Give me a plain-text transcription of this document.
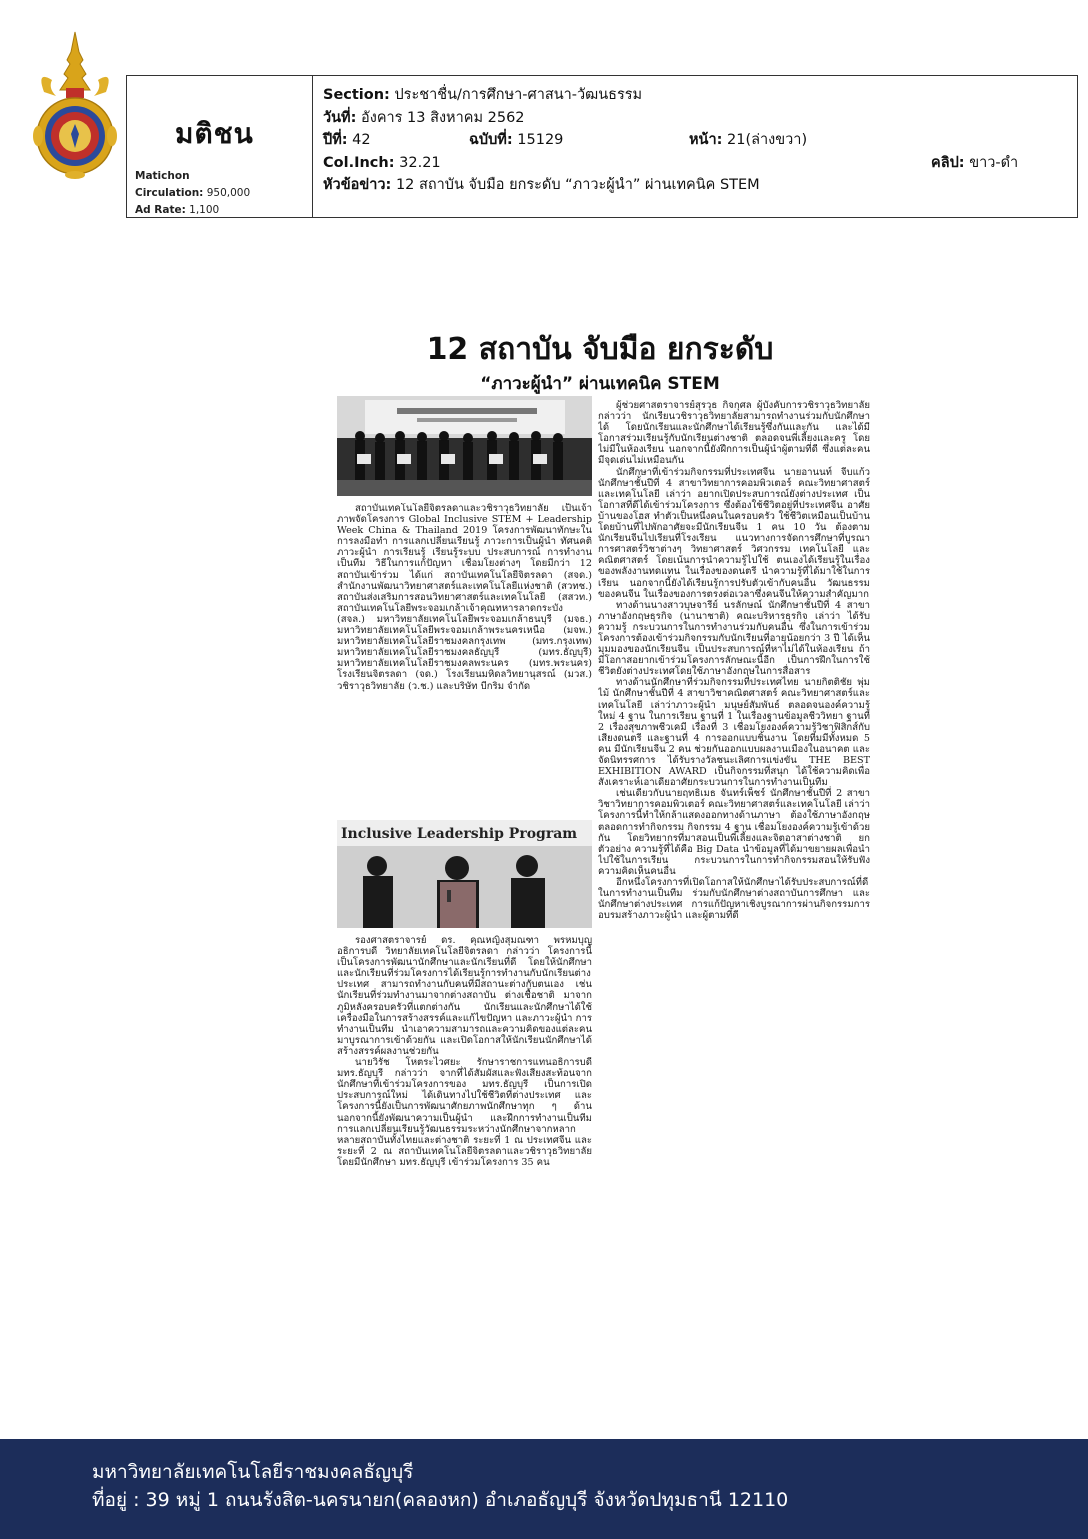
มติชน
Matichon
Circulation: 950,000
Ad Rate: 1,100
Section: ประชาชื่น/การศึกษา-ศาสนา-วัฒนธรรม
วันที่: อังคาร 13 สิงหาคม 2562
ปีที่: 42	ฉบับที่: 15129	หน้า: 21(ล่างขวา)
Col.Inch: 32.21	คลิป: ขาว-ดำ
หัวข้อข่าว: 12 สถาบัน จับมือ ยกระดับ “ภาวะผู้นำ” ผ่านเทคนิค STEM
12 สถาบัน จับมือ ยกระดับ
“ภาวะผู้นำ” ผ่านเทคนิค STEM

สถาบันเทคโนโลยีจิตรลดาและวชิราวุธวิทยาลัย เป็นเจ้าภาพจัดโครงการ Global Inclusive STEM + Leadership Week China & Thailand 2019 โครงการพัฒนาทักษะในการลงมือทำ การแลกเปลี่ยนเรียนรู้ ภาวะการเป็นผู้นำ ทัศนคติ ภาวะผู้นำ การเรียนรู้ เรียนรู้ระบบ ประสบการณ์ การทำงานเป็นทีม วิธีในการแก้ปัญหา เชื่อมโยงต่างๆ โดยมีกว่า 12 สถาบันเข้าร่วม ได้แก่ สถาบันเทคโนโลยีจิตรลดา (สจด.) สำนักงานพัฒนาวิทยาศาสตร์และเทคโนโลยีแห่งชาติ (สวทช.) สถาบันส่งเสริมการสอนวิทยาศาสตร์และเทคโนโลยี (สสวท.) สถาบันเทคโนโลยีพระจอมเกล้าเจ้าคุณทหารลาดกระบัง (สจล.) มหาวิทยาลัยเทคโนโลยีพระจอมเกล้าธนบุรี (มจธ.) มหาวิทยาลัยเทคโนโลยีพระจอมเกล้าพระนครเหนือ (มจพ.) มหาวิทยาลัยเทคโนโลยีราชมงคลกรุงเทพ (มทร.กรุงเทพ) มหาวิทยาลัยเทคโนโลยีราชมงคลธัญบุรี (มทร.ธัญบุรี) มหาวิทยาลัยเทคโนโลยีราชมงคลพระนคร (มทร.พระนคร) โรงเรียนจิตรลดา (จด.) โรงเรียนมหิดลวิทยานุสรณ์ (มวส.) วชิราวุธวิทยาลัย (ว.ช.) และบริษัท บีกริม จำกัด

Inclusive Leadership Program

รองศาสตราจารย์ ดร. คุณหญิงสุมณฑา พรหมบุญ อธิการบดี วิทยาลัยเทคโนโลยีจิตรลดา กล่าวว่า โครงการนี้เป็นโครงการพัฒนานักศึกษาและนักเรียนที่ดี โดยให้นักศึกษาและนักเรียนที่ร่วมโครงการได้เรียนรู้การทำงานกับนักเรียนต่างประเทศ สามารถทำงานกับคนที่มีสถานะต่างกับตนเอง เช่น นักเรียนที่ร่วมทำงานมาจากต่างสถาบัน ต่างเชื้อชาติ มาจากภูมิหลังครอบครัวที่แตกต่างกัน นักเรียนและนักศึกษาได้ใช้เครื่องมือในการสร้างสรรค์และแก้ไขปัญหา และภาวะผู้นำ การทำงานเป็นทีม นำเอาความสามารถและความคิดของแต่ละคนมาบูรณาการเข้าด้วยกัน และเปิดโอกาสให้นักเรียนนักศึกษาได้สร้างสรรค์ผลงานช่วยกัน

นายวิรัช โหตระไวศยะ รักษาราชการแทนอธิการบดี มทร.ธัญบุรี กล่าวว่า จากที่ได้สัมผัสและฟังเสียงสะท้อนจากนักศึกษาที่เข้าร่วมโครงการของ มทร.ธัญบุรี เป็นการเปิดประสบการณ์ใหม่ ได้เดินทางไปใช้ชีวิตที่ต่างประเทศ และโครงการนี้ยังเป็นการพัฒนาศักยภาพนักศึกษาทุก ๆ ด้าน นอกจากนี้ยังพัฒนาความเป็นผู้นำ และฝึกการทำงานเป็นทีม การแลกเปลี่ยนเรียนรู้วัฒนธรรมระหว่างนักศึกษาจากหลากหลายสถาบันทั้งไทยและต่างชาติ ระยะที่ 1 ณ ประเทศจีน และระยะที่ 2 ณ สถาบันเทคโนโลยีจิตรลดาและวชิราวุธวิทยาลัย โดยมีนักศึกษา มทร.ธัญบุรี เข้าร่วมโครงการ 35 คน

ผู้ช่วยศาสตราจารย์สุรวุธ กิจกุศล ผู้บังคับการวชิราวุธวิทยาลัย กล่าวว่า นักเรียนวชิราวุธวิทยาลัยสามารถทำงานร่วมกับนักศึกษาได้ โดยนักเรียนและนักศึกษาได้เรียนรู้ซึ่งกันและกัน และได้มีโอกาสร่วมเรียนรู้กับนักเรียนต่างชาติ ตลอดจนพี่เลี้ยงและครู โดยไม่มีในห้องเรียน นอกจากนี้ยังฝึกการเป็นผู้นำผู้ตามที่ดี ซึ่งแต่ละคนมีจุดเด่นไม่เหมือนกัน

นักศึกษาที่เข้าร่วมกิจกรรมที่ประเทศจีน นายอานนท์ จีบแก้ว นักศึกษาชั้นปีที่ 4 สาขาวิทยาการคอมพิวเตอร์ คณะวิทยาศาสตร์และเทคโนโลยี เล่าว่า อยากเปิดประสบการณ์ยังต่างประเทศ เป็นโอกาสที่ดีได้เข้าร่วมโครงการ ซึ่งต้องใช้ชีวิตอยู่ที่ประเทศจีน อาศัยบ้านของโฮส ทำตัวเป็นหนึ่งคนในครอบครัว ใช้ชีวิตเหมือนเป็นบ้าน โดยบ้านที่ไปพักอาศัยจะมีนักเรียนจีน 1 คน 10 วัน ต้องตามนักเรียนจีนไปเรียนที่โรงเรียน แนวทางการจัดการศึกษาที่บูรณาการศาสตร์วิชาต่างๆ วิทยาศาสตร์ วิศวกรรม เทคโนโลยี และคณิตศาสตร์ โดยเน้นการนำความรู้ไปใช้ ตนเองได้เรียนรู้ในเรื่องของพลังงานทดแทน ในเรื่องของดนตรี นำความรู้ที่ได้มาใช้ในการเรียน นอกจากนี้ยังได้เรียนรู้การปรับตัวเข้ากับคนอื่น วัฒนธรรมของคนจีน ในเรื่องของการตรงต่อเวลาซึ่งคนจีนให้ความสำคัญมาก

ทางด้านนางสาวบุษจารีย์ นรลักษณ์ นักศึกษาชั้นปีที่ 4 สาขาภาษาอังกฤษธุรกิจ (นานาชาติ) คณะบริหารธุรกิจ เล่าว่า ได้รับความรู้ กระบวนการในการทำงานร่วมกับคนอื่น ซึ่งในการเข้าร่วมโครงการต้องเข้าร่วมกิจกรรมกับนักเรียนที่อายุน้อยกว่า 3 ปี ได้เห็นมุมมองของนักเรียนจีน เป็นประสบการณ์ที่หาไม่ได้ในห้องเรียน ถ้ามีโอกาสอยากเข้าร่วมโครงการลักษณะนี้อีก เป็นการฝึกในการใช้ชีวิตยังต่างประเทศโดยใช้ภาษาอังกฤษในการสื่อสาร

ทางด้านนักศึกษาที่ร่วมกิจกรรมที่ประเทศไทย นายกิตติชัย พุ่มไม้ นักศึกษาชั้นปีที่ 4 สาขาวิชาคณิตศาสตร์ คณะวิทยาศาสตร์และเทคโนโลยี เล่าว่าภาวะผู้นำ มนุษย์สัมพันธ์ ตลอดจนองค์ความรู้ใหม่ 4 ฐาน ในการเรียน ฐานที่ 1 ในเรื่องฐานข้อมูลชีววิทยา ฐานที่ 2 เรื่องสุขภาพชีวเคมี เรื่องที่ 3 เชื่อมโยงองค์ความรู้วิชาฟิสิกส์กับเสียงดนตรี และฐานที่ 4 การออกแบบชิ้นงาน โดยทีมมีทั้งหมด 5 คน มีนักเรียนจีน 2 คน ช่วยกันออกแบบผลงานเมืองในอนาคต และจัดนิทรรศการ ได้รับรางวัลชนะเลิศการแข่งขัน THE BEST EXHIBITION AWARD เป็นกิจกรรมที่สนุก ได้ใช้ความคิดเพื่อสังเคราะห์เอาเดียอาศัยกระบวนการในการทำงานเป็นทีม

เช่นเดียวกับนายฤทธิเมธ จันทร์เพ็ชร์ นักศึกษาชั้นปีที่ 2 สาขาวิชาวิทยาการคอมพิวเตอร์ คณะวิทยาศาสตร์และเทคโนโลยี เล่าว่า โครงการนี้ทำให้กล้าแสดงออกทางด้านภาษา ต้องใช้ภาษาอังกฤษตลอดการทำกิจกรรม กิจกรรม 4 ฐาน เชื่อมโยงองค์ความรู้เข้าด้วยกัน โดยวิทยากรที่มาสอนเป็นพี่เลี้ยงและจิตอาสาต่างชาติ ยกตัวอย่าง ความรู้ที่ได้คือ Big Data นำข้อมูลที่ได้มาขยายผลเพื่อนำไปใช้ในการเรียน กระบวนการในการทำกิจกรรมสอนให้รับฟังความคิดเห็นคนอื่น

อีกหนึ่งโครงการที่เปิดโอกาสให้นักศึกษาได้รับประสบการณ์ที่ดีในการทำงานเป็นทีม ร่วมกับนักศึกษาต่างสถาบันการศึกษา และนักศึกษาต่างประเทศ การแก้ปัญหาเชิงบูรณาการผ่านกิจกรรมการอบรมสร้างภาวะผู้นำ และผู้ตามที่ดี

มหาวิทยาลัยเทคโนโลยีราชมงคลธัญบุรี
ที่อยู่ : 39 หมู่ 1 ถนนรังสิต-นครนายก(คลองหก) อำเภอธัญบุรี จังหวัดปทุมธานี 12110
